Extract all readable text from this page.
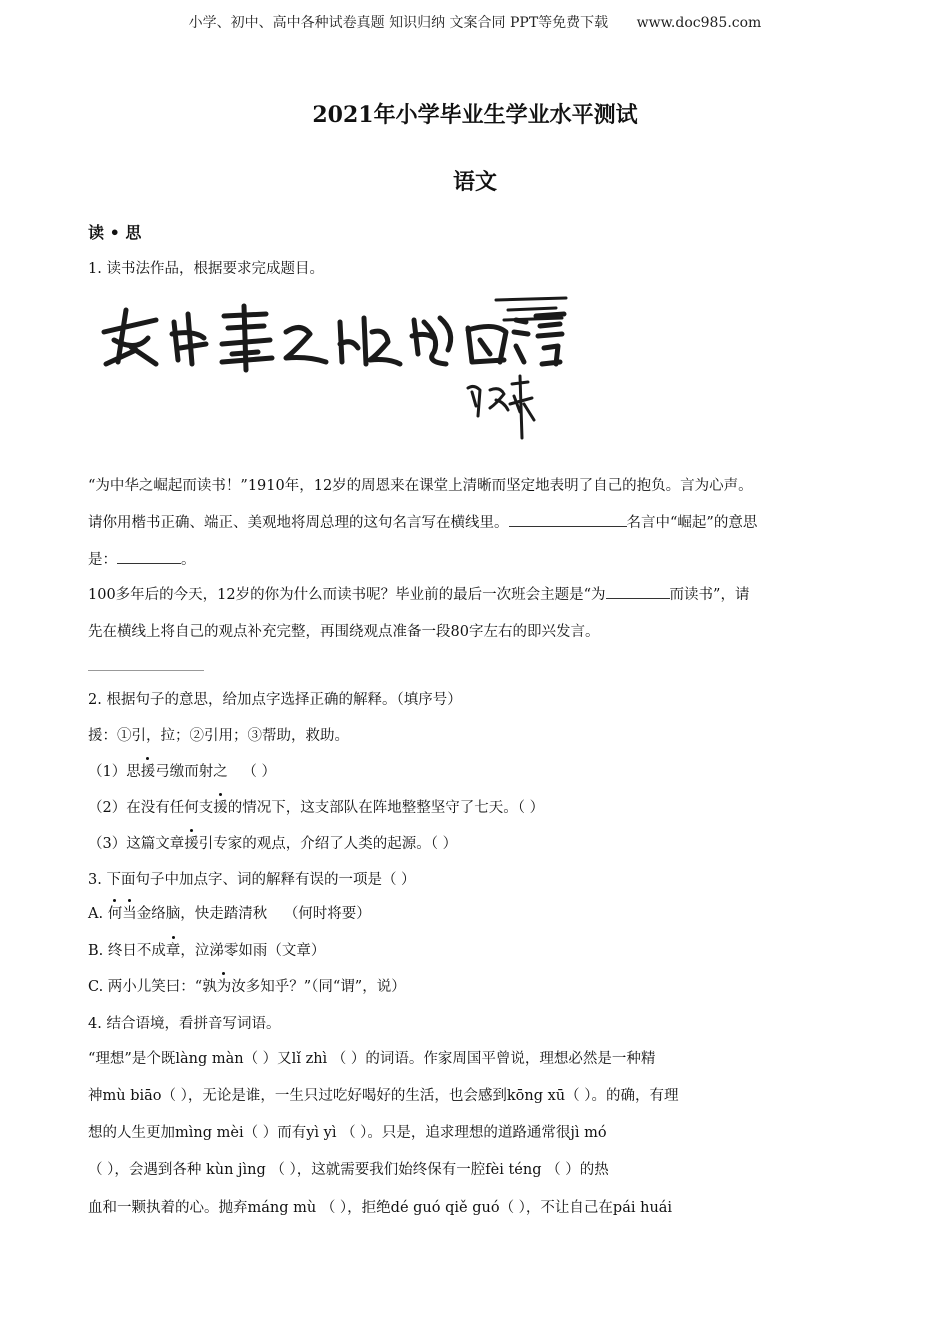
小学、初中、高中各种试卷真题 知识归纳 文案合同 PPT等免费下载 www.doc985.com
2021年小学毕业生学业水平测试
语文
读 • 思
1. 读书法作品，根据要求完成题目。
“为中华之崛起而读书！”1910年，12岁的周恩来在课堂上清晰而坚定地表明了自己的抱负。言为心声。
请你用楷书正确、端正、美观地将周总理的这句名言写在横线里。	名言中“崛起”的意思
是：	。
100多年后的今天，12岁的你为什么而读书呢？毕业前的最后一次班会主题是“为	而读书”，请
先在横线上将自己的观点补充完整，再围绕观点准备一段80字左右的即兴发言。
2. 根据句子的意思，给加点字选择正确的解释。（填序号）
援：①引，拉；②引用；③帮助，救助。
（1）思援弓缴而射之 （ ）
（2）在没有任何支援的情况下，这支部队在阵地整整坚守了七天。（ ）
（3）这篇文章援引专家的观点，介绍了人类的起源。（ ）
3. 下面句子中加点字、词的解释有误的一项是（ ）
A. 何当金络脑，快走踏清秋 （何时将要）
B. 终日不成章，泣涕零如雨（文章）
C. 两小儿笑曰：“孰为汝多知乎？”（同“谓”，说）
4. 结合语境，看拼音写词语。
“理想”是个既làng màn（ ）又lǐ zhì （ ）的词语。作家周国平曾说，理想必然是一种精
神mù biāo（ ），无论是谁，一生只过吃好喝好的生活，也会感到kōng xū（ ）。的确，有理
想的人生更加mìng mèi（ ）而有yì yì （ ）。只是，追求理想的道路通常很jì mó
（ ），会遇到各种 kùn jìng （ ），这就需要我们始终保有一腔fèi téng （ ）的热
血和一颗执着的心。抛弃máng mù （ ），拒绝dé guó qiě guó（ ），不让自己在pái huái
